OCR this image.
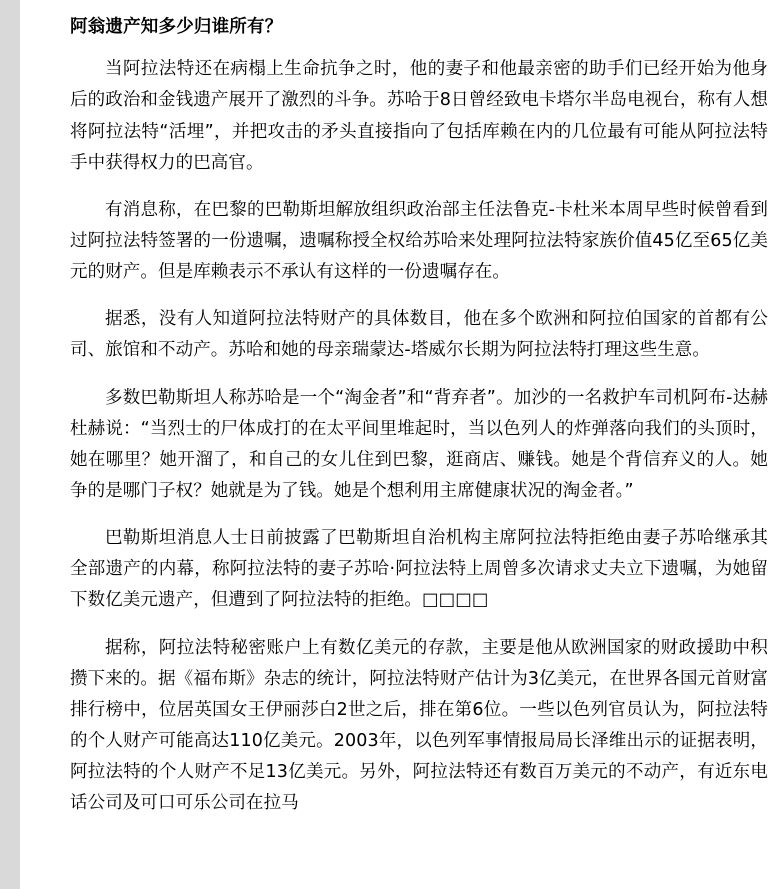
阿翁遗产知多少归谁所有？

当阿拉法特还在病榻上生命抗争之时，他的妻子和他最亲密的助手们已经开始为他身后的政治和金钱遗产展开了激烈的斗争。苏哈于8日曾经致电卡塔尔半岛电视台，称有人想将阿拉法特“活埋”，并把攻击的矛头直接指向了包括库赖在内的几位最有可能从阿拉法特手中获得权力的巴高官。

有消息称，在巴黎的巴勒斯坦解放组织政治部主任法鲁克-卡杜米本周早些时候曾看到过阿拉法特签署的一份遗嘱，遗嘱称授全权给苏哈来处理阿拉法特家族价值45亿至65亿美元的财产。但是库赖表示不承认有这样的一份遗嘱存在。

据悉，没有人知道阿拉法特财产的具体数目，他在多个欧洲和阿拉伯国家的首都有公司、旅馆和不动产。苏哈和她的母亲瑞蒙达-塔威尔长期为阿拉法特打理这些生意。

多数巴勒斯坦人称苏哈是一个“淘金者”和“背弃者”。加沙的一名救护车司机阿布-达赫杜赫说：“当烈士的尸体成打的在太平间里堆起时，当以色列人的炸弹落向我们的头顶时，她在哪里？她开溜了，和自己的女儿住到巴黎，逛商店、赚钱。她是个背信弃义的人。她争的是哪门子权？她就是为了钱。她是个想利用主席健康状况的淘金者。”

巴勒斯坦消息人士日前披露了巴勒斯坦自治机构主席阿拉法特拒绝由妻子苏哈继承其全部遗产的内幕，称阿拉法特的妻子苏哈·阿拉法特上周曾多次请求丈夫立下遗嘱，为她留下数亿美元遗产，但遭到了阿拉法特的拒绝。□□□□

据称，阿拉法特秘密账户上有数亿美元的存款，主要是他从欧洲国家的财政援助中积攒下来的。据《福布斯》杂志的统计，阿拉法特财产估计为3亿美元，在世界各国元首财富排行榜中，位居英国女王伊丽莎白2世之后，排在第6位。一些以色列官员认为，阿拉法特的个人财产可能高达110亿美元。2003年，以色列军事情报局局长泽维出示的证据表明，阿拉法特的个人财产不足13亿美元。另外，阿拉法特还有数百万美元的不动产，有近东电话公司及可口可乐公司在拉马
